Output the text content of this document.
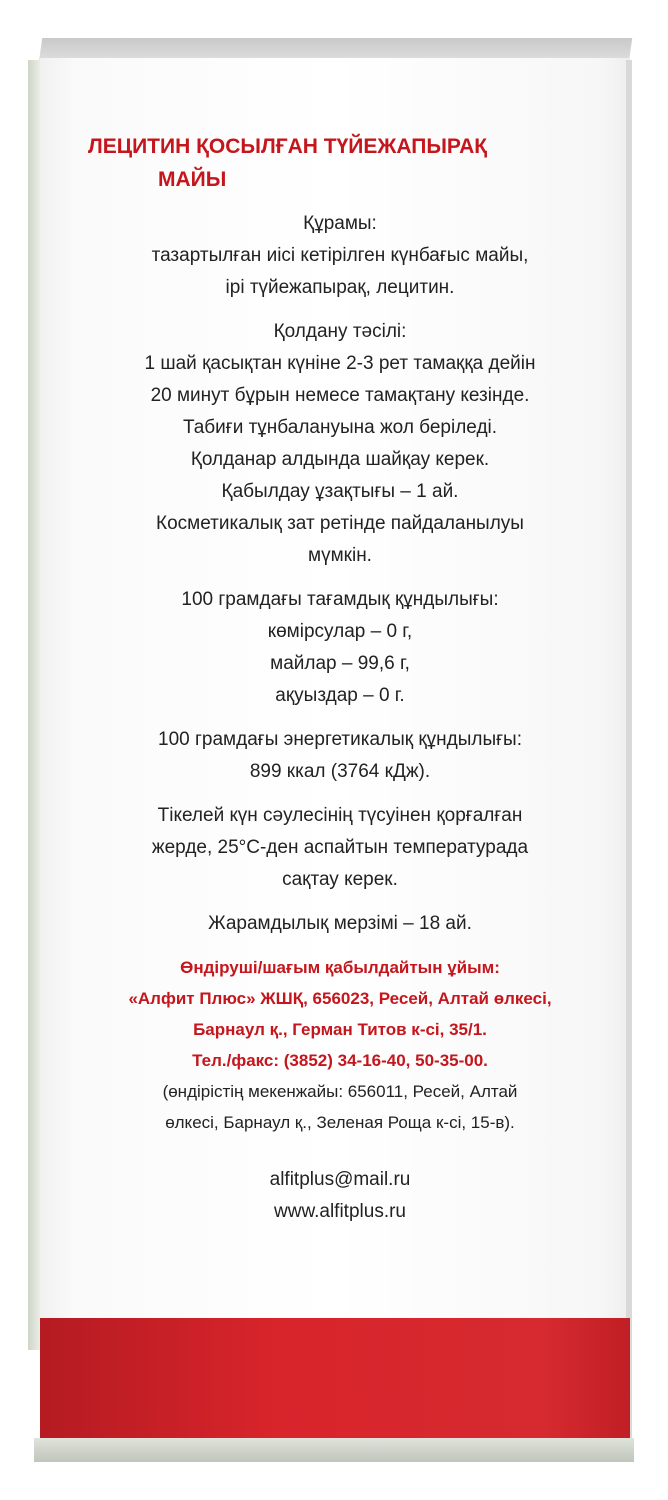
ЛЕЦИТИН ҚОСЫЛҒАН ТҮЙЕЖАПЫРАҚ
МАЙЫ

Құрамы:

тазартылған иісі кетірілген күнбағыс майы,

ірі түйежапырақ, лецитин.

Қолдану тәсілі:

1 шай қасықтан күніне 2-3 рет тамаққа дейін

20 минут бұрын немесе тамақтану кезінде.

Табиғи тұнбалануына жол беріледі.

Қолданар алдында шайқау керек.

Қабылдау ұзақтығы – 1 ай.

Косметикалық зат ретінде пайдаланылуы

мүмкін.

100 грамдағы тағамдық құндылығы:

көмірсулар – 0 г,

майлар – 99,6 г,

ақуыздар – 0 г.

100 грамдағы энергетикалық құндылығы:

899 ккал (3764 кДж).

Тікелей күн сәулесінің түсуінен қорғалған

жерде, 25°С-ден аспайтын температурада

сақтау керек.

Жарамдылық мерзімі – 18 ай.

Өндіруші/шағым қабылдайтын ұйым:

«Алфит Плюс» ЖШҚ, 656023, Ресей, Алтай өлкесі,

Барнаул қ., Герман Титов к-сі, 35/1.

Тел./факс: (3852) 34-16-40, 50-35-00.

(өндірістің мекенжайы: 656011, Ресей, Алтай

өлкесі, Барнаул қ., Зеленая Роща к-сі, 15-в).

alfitplus@mail.ru

www.alfitplus.ru
